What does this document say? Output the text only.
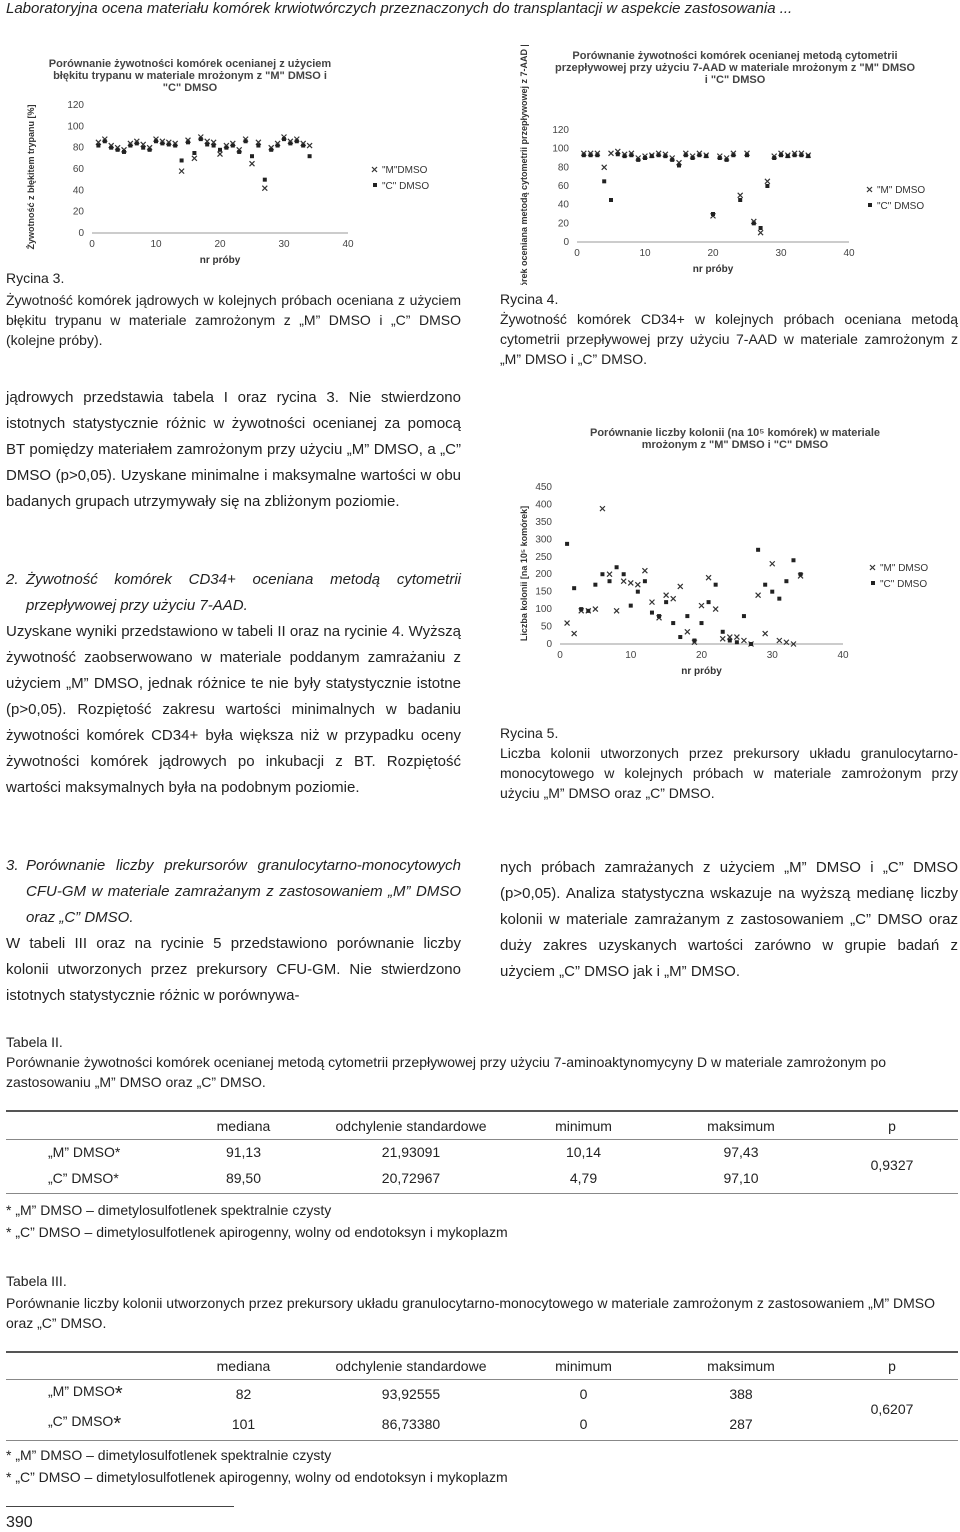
Laboratoryjna ocena materiału komórek krwiotwórczych przeznaczonych do transplantacji w aspekcie zastosowania ...
Porównanie żywotności komórek ocenianej z użyciem
błękitu trypanu w materiale mrożonym z "M" DMSO i
"C" DMSO
0
20
40
60
80
100
120
0	10	20	30	40
nr próby
Żywotność z błękitem trypanu [%]	"M"DMSO
"C" DMSO
Rycina 3.
Żywotność komórek jądrowych w kolejnych próbach oceniana z użyciem błękitu trypanu w materiale zamrożonym z „M” DMSO i „C” DMSO (kolejne próby).
Porównanie żywotności komórek ocenianej metodą cytometrii
przepływowej przy użyciu 7-AAD w materiale mrożonym z "M" DMSO
i "C" DMSO
0
20
40
60
80
100
120
0	10	20	30	40
nr próby
Żywotność komórek oceniana metodą cytometrii przepływowej z 7-AAD [%]	"M" DMSO
"C" DMSO
Rycina 4.
Żywotność komórek CD34+ w kolejnych próbach oceniana metodą cytometrii przepływowej przy użyciu 7-AAD w materiale zamrożonym z „M” DMSO i „C” DMSO.
jądrowych przedstawia tabela I oraz rycina 3. Nie stwierdzono istotnych statystycznie różnic w żywotności ocenianej za pomocą BT pomiędzy materiałem zamrożonym przy użyciu „M” DMSO, a „C” DMSO (p>0,05). Uzyskane minimalne i maksymalne wartości w obu badanych grupach utrzymywały się na zbliżonym poziomie.
2. Żywotność komórek CD34+ oceniana metodą cytometrii przepływowej przy użyciu 7-AAD.
Uzyskane wyniki przedstawiono w tabeli II oraz na rycinie 4. Wyższą żywotność zaobserwowano w materiale poddanym zamrażaniu z użyciem „M” DMSO, jednak różnice te nie były statystycznie istotne (p>0,05). Rozpiętość zakresu wartości minimalnych w badaniu żywotności komórek CD34+ była większa niż w przypadku oceny żywotności komórek jądrowych po inkubacji z BT. Rozpiętość wartości maksymalnych była na podobnym poziomie.
Porównanie liczby kolonii (na 10⁵ komórek) w materiale
mrożonym z "M" DMSO i "C" DMSO
0
50
100
150
200
250
300
350
400
450
0	10	20	30	40
nr próby
Liczba kolonii [na 10⁵ komórek]	"M" DMSO
"C" DMSO
Rycina 5.
Liczba kolonii utworzonych przez prekursory układu granulocytarno-monocytowego w kolejnych próbach w materiale zamrożonym przy użyciu „M” DMSO oraz „C” DMSO.
3. Porównanie liczby prekursorów granulocytarno-monocytowych CFU-GM w materiale zamrażanym z zastosowaniem „M” DMSO oraz „C” DMSO.
W tabeli III oraz na rycinie 5 przedstawiono porównanie liczby kolonii utworzonych przez prekursory CFU-GM. Nie stwierdzono istotnych statystycznie różnic w porównywa-
nych próbach zamrażanych z użyciem „M” DMSO i „C” DMSO (p>0,05). Analiza statystyczna wskazuje na wyższą medianę liczby kolonii w materiale zamrażanym z zastosowaniem „C” DMSO oraz duży zakres uzyskanych wartości zarówno w grupie badań z użyciem „C” DMSO jak i „M” DMSO.
Tabela II.
Porównanie żywotności komórek ocenianej metodą cytometrii przepływowej przy użyciu 7-aminoaktynomycyny D w materiale zamrożonym po zastosowaniu „M” DMSO oraz „C” DMSO.
	mediana	odchylenie standardowe	minimum	maksimum	p
„M” DMSO*	91,13	21,93091	10,14	97,43	0,9327
„C” DMSO*	89,50	20,72967	4,79	97,10	
* „M” DMSO – dimetylosulfotlenek spektralnie czysty
* „C” DMSO – dimetylosulfotlenek apirogenny, wolny od endotoksyn i mykoplazm
Tabela III.
Porównanie liczby kolonii utworzonych przez prekursory układu granulocytarno-monocytowego w materiale zamrożonym z zastosowaniem „M” DMSO oraz „C” DMSO.
	mediana	odchylenie standardowe	minimum	maksimum	p
„M” DMSO*	82	93,92555	0	388	0,6207
„C” DMSO*	101	86,73380	0	287	
* „M” DMSO – dimetylosulfotlenek spektralnie czysty
* „C” DMSO – dimetylosulfotlenek apirogenny, wolny od endotoksyn i mykoplazm
390
